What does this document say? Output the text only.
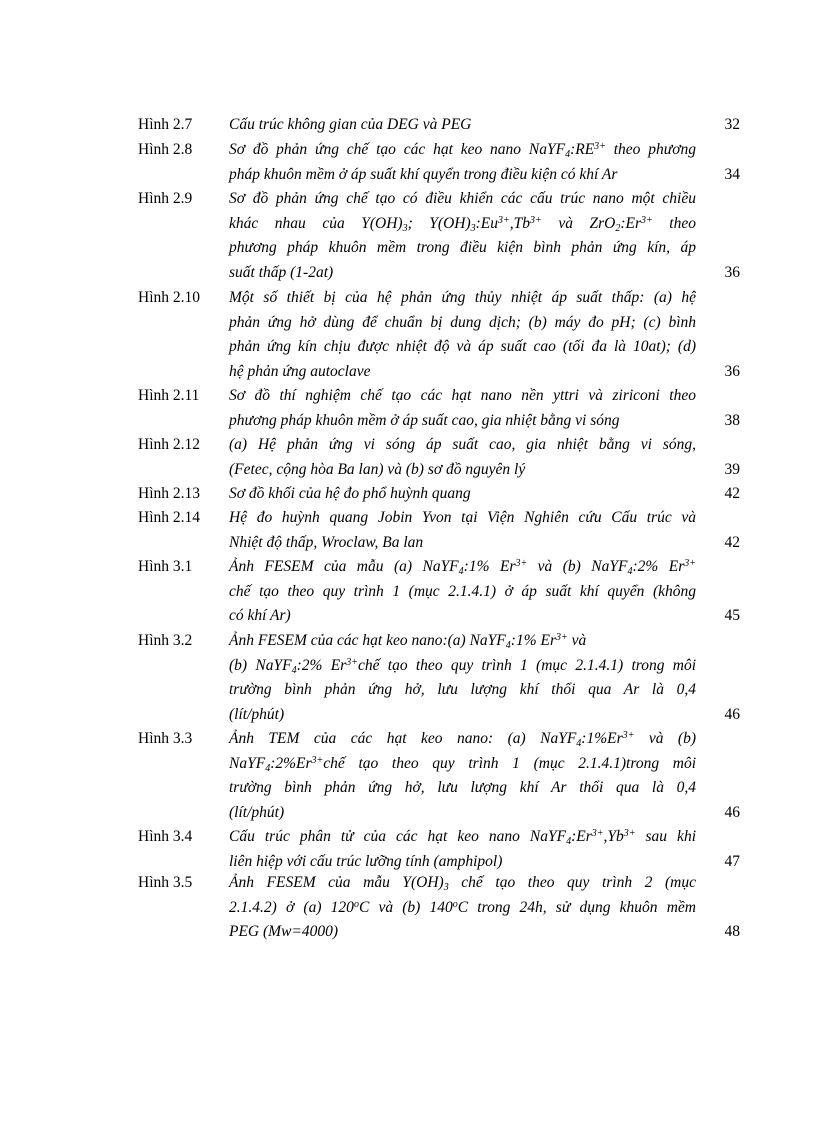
Hình 2.7 Cấu trúc không gian của DEG và PEG	32
Hình 2.8 Sơ đồ phản ứng chế tạo các hạt keo nano $NaYF_4:RE^{3+}$ theo phương
pháp khuôn mềm ở áp suất khí quyển trong điều kiện có khí Ar	34
Hình 2.9 Sơ đồ phản ứng chế tạo có điều khiển các cấu trúc nano một chiều
khác nhau của $Y(OH)_3$; $Y(OH)_3:Eu^{3+},Tb^{3+}$ và $ZrO_2:Er^{3+}$ theo
phương pháp khuôn mềm trong điều kiện bình phản ứng kín, áp
suất thấp (1-2at)	36
Hình 2.10 Một số thiết bị của hệ phản ứng thủy nhiệt áp suất thấp: (a) hệ
phản ứng hở dùng để chuẩn bị dung dịch; (b) máy đo pH; (c) bình
phản ứng kín chịu được nhiệt độ và áp suất cao (tối đa là 10at); (d)
hệ phản ứng autoclave	36
Hình 2.11 Sơ đồ thí nghiệm chế tạo các hạt nano nền yttri và ziriconi theo
phương pháp khuôn mềm ở áp suất cao, gia nhiệt bằng vi sóng	38
Hình 2.12 (a) Hệ phản ứng vi sóng áp suất cao, gia nhiệt bằng vi sóng,
(Fetec, cộng hòa Ba lan) và (b) sơ đồ nguyên lý	39
Hình 2.13 Sơ đồ khối của hệ đo phổ huỳnh quang	42
Hình 2.14 Hệ đo huỳnh quang Jobin Yvon tại Viện Nghiên cứu Cấu trúc và
Nhiệt độ thấp, Wroclaw, Ba lan	42
Hình 3.1 Ảnh FESEM của mẫu (a) NaYF$_4$:1% $Er^{3+}$ và (b) NaYF$_4$:2% $Er^{3+}$
chế tạo theo quy trình 1 (mục 2.1.4.1) ở áp suất khí quyển (không
có khí Ar)	45
Hình 3.2 Ảnh FESEM của các hạt keo nano:(a) NaYF$_4$:1% $Er^{3+}$ và
(b) NaYF$_4$:2% $Er^{3+}chế$ tạo theo quy trình 1 (mục 2.1.4.1) trong môi
trường bình phản ứng hở, lưu lượng khí thổi qua Ar là 0,4
(lít/phút)	46
Hình 3.3 Ảnh TEM của các hạt keo nano: (a) $NaYF_4:1\%Er^{3+}$ và (b)
$NaYF_4:2\%Er^{3+}chế$ tạo theo quy trình 1 (mục 2.1.4.1)trong môi
trường bình phản ứng hở, lưu lượng khí Ar thổi qua là 0,4
(lít/phút)	46
Hình 3.4 Cấu trúc phân tử của các hạt keo nano $NaYF_4:Er^{3+},Yb^{3+}$ sau khi
liên hiệp với cấu trúc lưỡng tính (amphipol)	47
Hình 3.5 Ảnh FESEM của mẫu $Y(OH)_3$ chế tạo theo quy trình 2 (mục
2.1.4.2) ở (a) 120$^o$C và (b) 140$^o$C trong 24h, sử dụng khuôn mềm
PEG (Mw=4000)	48
